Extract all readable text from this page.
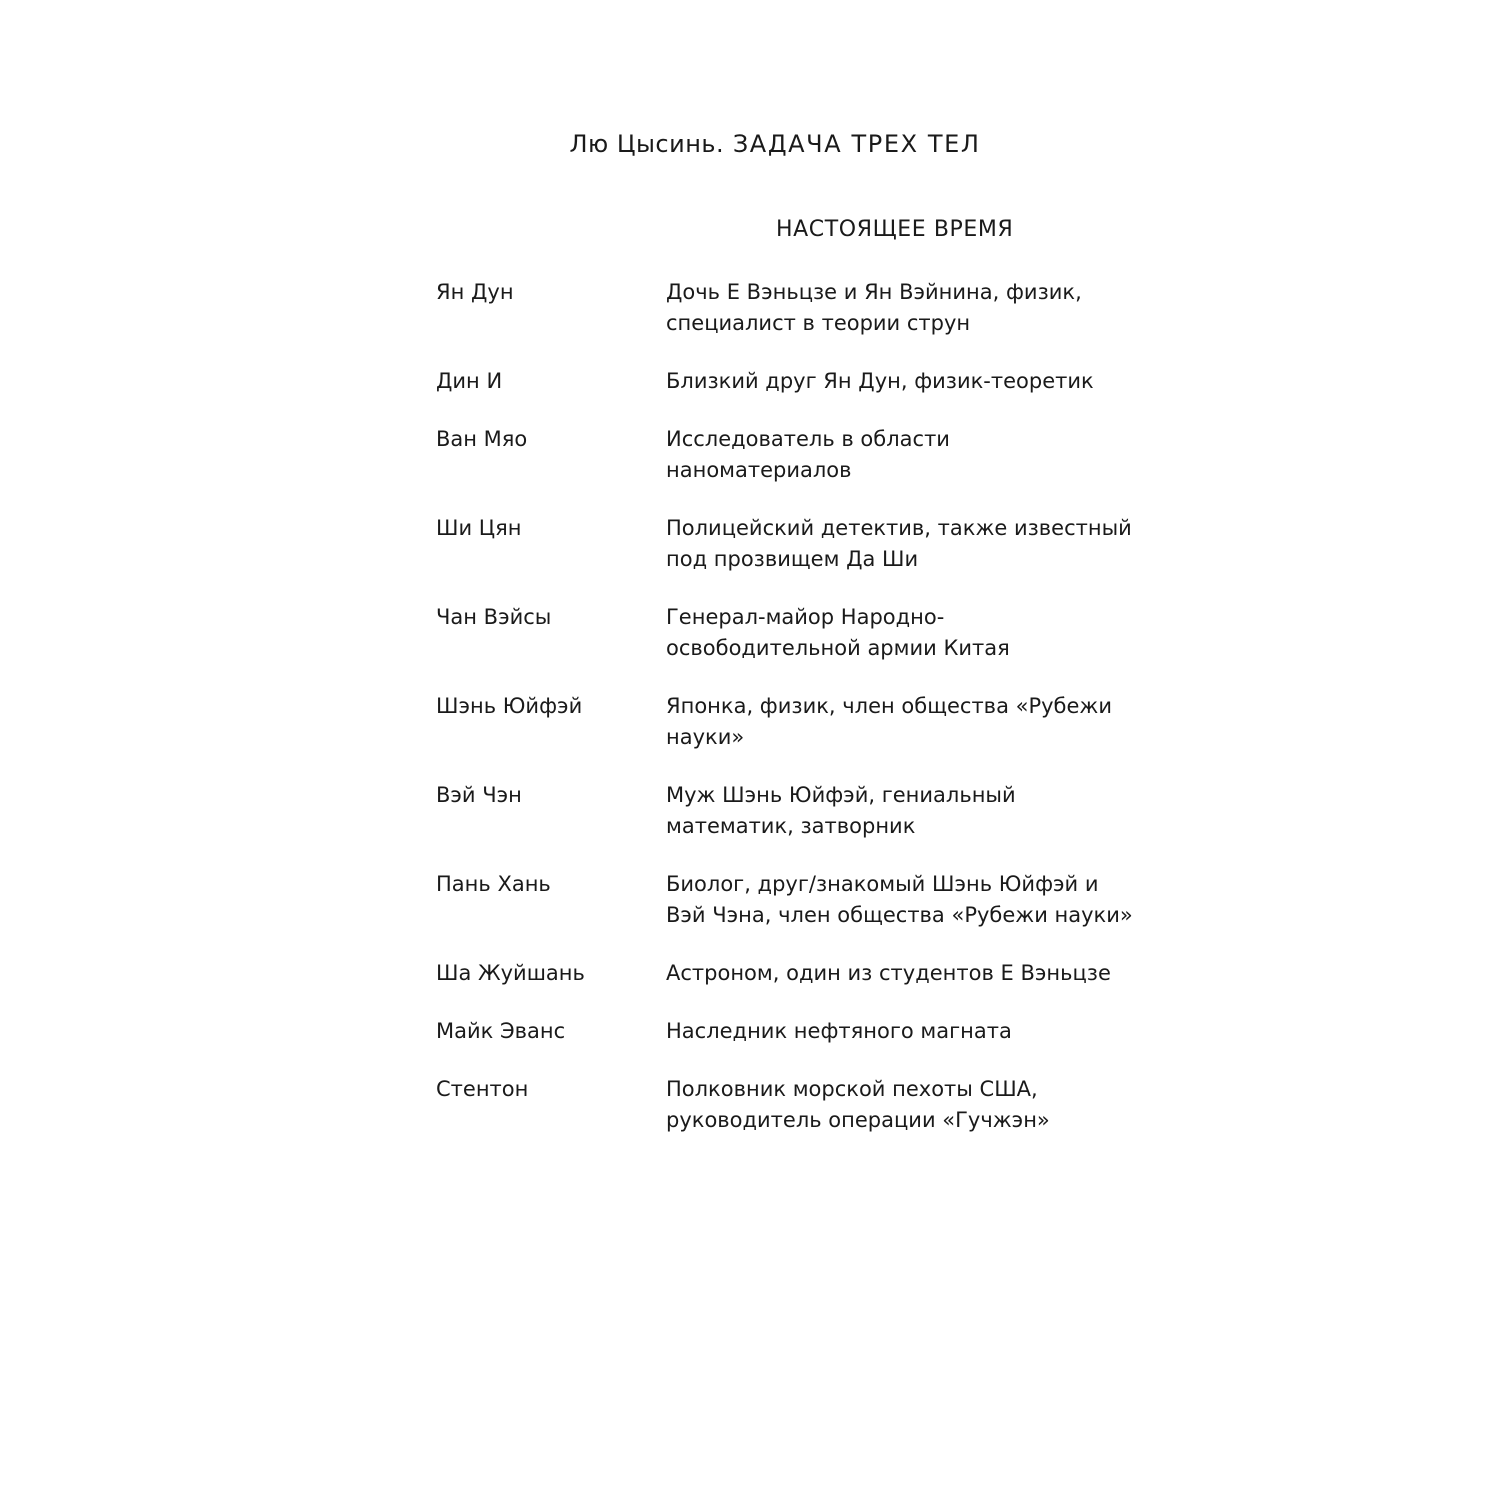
Лю Цысинь. ЗАДАЧА ТРЕХ ТЕЛ
НАСТОЯЩЕЕ ВРЕМЯ
Ян Дун	Дочь Е Вэньцзе и Ян Вэйнина, физик,
специалист в теории струн
Дин И	Близкий друг Ян Дун, физик-теоретик
Ван Мяо	Исследователь в области
наноматериалов
Ши Цян	Полицейский детектив, также известный
под прозвищем Да Ши
Чан Вэйсы	Генерал-майор Народно-
освободительной армии Китая
Шэнь Юйфэй	Японка, физик, член общества «Рубежи
науки»
Вэй Чэн	Муж Шэнь Юйфэй, гениальный
математик, затворник
Пань Хань	Биолог, друг/знакомый Шэнь Юйфэй и
Вэй Чэна, член общества «Рубежи науки»
Ша Жуйшань	Астроном, один из студентов Е Вэньцзе
Майк Эванс	Наследник нефтяного магната
Стентон	Полковник морской пехоты США,
руководитель операции «Гучжэн»
